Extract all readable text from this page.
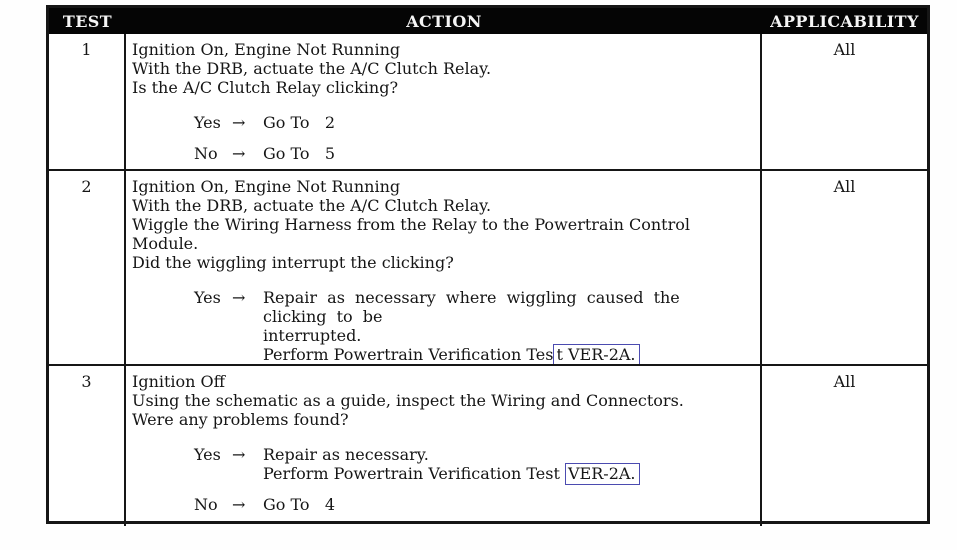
TEST	ACTION	APPLICABILITY
1	Ignition On, Engine Not Running
With the DRB, actuate the A/C Clutch Relay.
Is the A/C Clutch Relay clicking?
Yes →	Go To   2
No →	Go To   5
All
2	Ignition On, Engine Not Running
With the DRB, actuate the A/C Clutch Relay.
Wiggle the Wiring Harness from the Relay to the Powertrain Control Module.
Did the wiggling interrupt the clicking?
Yes →	Repair as necessary where wiggling caused the clicking to be
interrupted.
Perform Powertrain Verification Tes t VER-2A.
All
3	Ignition Off
Using the schematic as a guide, inspect the Wiring and Connectors.
Were any problems found?
Yes →	Repair as necessary.
Perform Powertrain Verification Test VER-2A.
No →	Go To   4
All
